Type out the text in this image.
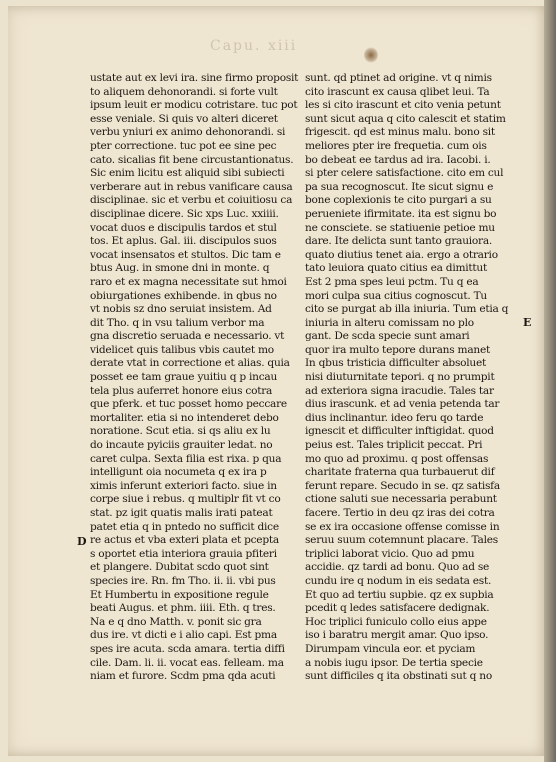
Capu. xiii
ustate aut ex levi ira. sine firmo proposit
to aliquem dehonorandi. si forte vult
ipsum leuit er modicu cotristare. tuc pot
esse veniale. Si quis vo alteri diceret
verbu yniuri ex animo dehonorandi. si
pter correctione. tuc pot ee sine pec
cato. sicalias fit bene circustantionatus.
Sic enim licitu est aliquid sibi subiecti
verberare aut in rebus vanificare causa
disciplinae. sic et verbu et coiuitiosu ca
disciplinae dicere. Sic xps Luc. xxiiii.
vocat duos e discipulis tardos et stul
tos. Et aplus. Gal. iii. discipulos suos
vocat insensatos et stultos. Dic tam e
btus Aug. in smone dni in monte. q
raro et ex magna necessitate sut hmoi
obiurgationes exhibende. in qbus no
vt nobis sz dno seruiat insistem. Ad
dit Tho. q in vsu talium verbor ma
gna discretio seruada e necessario. vt
videlicet quis talibus vbis cautet mo
derate vtat in correctione et alias. quia
posset ee tam graue yuitiu q p incau
tela plus auferret honore eius cotra
que pferk. et tuc posset homo peccare
mortaliter. etia si no intenderet debo
noratione. Scut etia. si qs aliu ex lu
do incaute pyiciis grauiter ledat. no
caret culpa. Sexta filia est rixa. p qua
intelligunt oia nocumeta q ex ira p
ximis inferunt exteriori facto. siue in
corpe siue i rebus. q multiplr fit vt co
stat. pz igit quatis malis irati pateat
patet etia q in pntedo no sufficit dice
re actus et vba exteri plata et pcepta
s oportet etia interiora grauia pfiteri
et plangere. Dubitat scdo quot sint
species ire. Rn. fm Tho. ii. ii. vbi pus
Et Humbertu in expositione regule
beati Augus. et phm. iiii. Eth. q tres.
Na e q dno Matth. v. ponit sic gra
dus ire. vt dicti e i alio capi. Est pma
spes ire acuta. scda amara. tertia diffi
cile. Dam. li. ii. vocat eas. felleam. ma
niam et furore. Scdm pma qda acuti
sunt. qd ptinet ad origine. vt q nimis
cito irascunt ex causa qlibet leui. Ta
les si cito irascunt et cito venia petunt
sunt sicut aqua q cito calescit et statim
frigescit. qd est minus malu. bono sit
meliores pter ire frequetia. cum ois
bo debeat ee tardus ad ira. Iacobi. i.
si pter celere satisfactione. cito em cul
pa sua recognoscut. Ite sicut signu e
bone coplexionis te cito purgari a su
perueniete ifirmitate. ita est signu bo
ne consciete. se statiuenie petioe mu
dare. Ite delicta sunt tanto grauiora.
quato diutius tenet aia. ergo a otrario
tato leuiora quato citius ea dimittut
Est 2 pma spes leui pctm. Tu q ea
mori culpa sua citius cognoscut. Tu
cito se purgat ab illa iniuria. Tum etia q
iniuria in alteru comissam no plo
gant. De scda specie sunt amari
quor ira multo tepore durans manet
In qbus tristicia difficulter absoluet
nisi diuturnitate tepori. q no prumpit
ad exteriora signa iracudie. Tales tar
dius irascunk. et ad venia petenda tar
dius inclinantur. ideo feru qo tarde
ignescit et difficulter inftigidat. quod
peius est. Tales triplicit peccat. Pri
mo quo ad proximu. q post offensas
charitate fraterna qua turbauerut dif
ferunt repare. Secudo in se. qz satisfa
ctione saluti sue necessaria perabunt
facere. Tertio in deu qz iras dei cotra
se ex ira occasione offense comisse in
seruu suum cotemnunt placare. Tales
triplici laborat vicio. Quo ad pmu
accidie. qz tardi ad bonu. Quo ad se
cundu ire q nodum in eis sedata est.
Et quo ad tertiu supbie. qz ex supbia
pcedit q ledes satisfacere dedignak.
Hoc triplici funiculo collo eius appe
iso i baratru mergit amar. Quo ipso.
Dirumpam vincula eor. et pyciam
a nobis iugu ipsor. De tertia specie
sunt difficiles q ita obstinati sut q no
D
E
